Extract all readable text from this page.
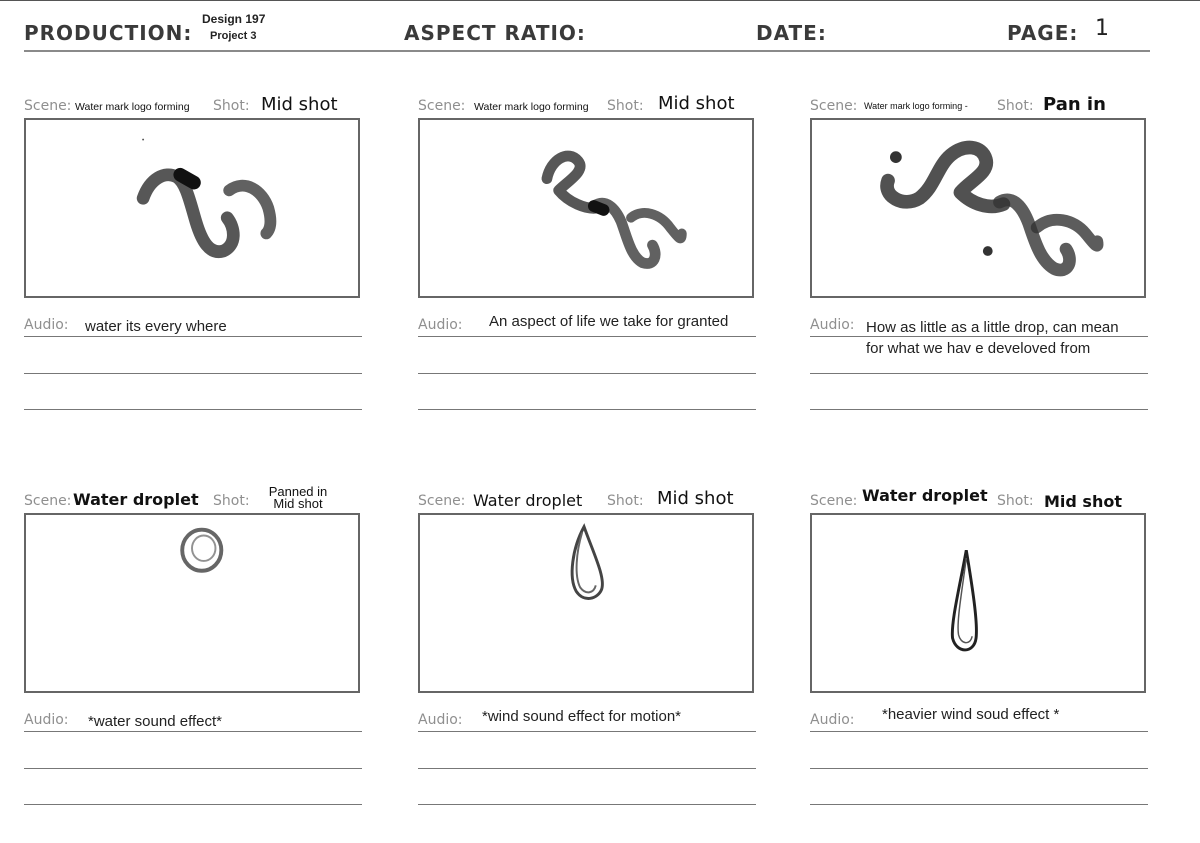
PRODUCTION:
Design 197
Project 3	ASPECT RATIO:	DATE:	PAGE: 1
Scene: Water mark logo forming Shot: Mid shot
Audio: water its every where
Scene: Water mark logo forming Shot: Mid shot
Audio: An aspect of life we take for granted
Scene: Water mark logo forming - Shot: Pan in
Audio: How as little as a little drop, can mean
for what we hav e develoved from
Scene: Water droplet Shot:
Panned in
Mid shot
Audio: *water sound effect*
Scene: Water droplet Shot: Mid shot
Audio: *wind sound effect for motion*
Scene: Water droplet Shot: Mid shot
Audio: *heavier wind soud effect *
